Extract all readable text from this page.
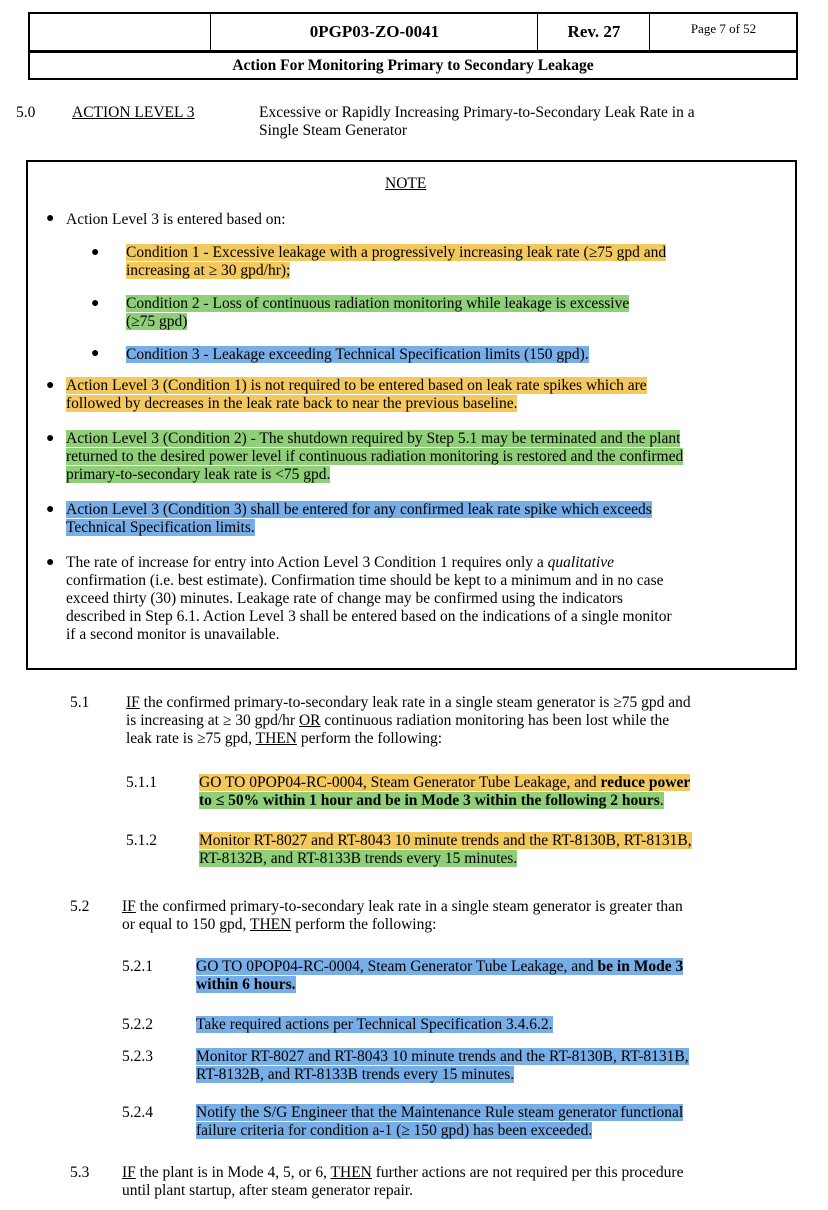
0PGP03-ZO-0041	Rev. 27	Page 7 of 52
Action For Monitoring Primary to Secondary Leakage
5.0 ACTION LEVEL 3	Excessive or Rapidly Increasing Primary-to-Secondary Leak Rate in a
Single Steam Generator
NOTE
● Action Level 3 is entered based on:
● Condition 1 - Excessive leakage with a progressively increasing leak rate (≥75 gpd and
increasing at ≥ 30 gpd/hr);
● Condition 2 - Loss of continuous radiation monitoring while leakage is excessive
(≥75 gpd)
● Condition 3 - Leakage exceeding Technical Specification limits (150 gpd).
● Action Level 3 (Condition 1) is not required to be entered based on leak rate spikes which are
followed by decreases in the leak rate back to near the previous baseline.
● Action Level 3 (Condition 2) - The shutdown required by Step 5.1 may be terminated and the plant
returned to the desired power level if continuous radiation monitoring is restored and the confirmed
primary-to-secondary leak rate is <75 gpd.
● Action Level 3 (Condition 3) shall be entered for any confirmed leak rate spike which exceeds
Technical Specification limits.
● The rate of increase for entry into Action Level 3 Condition 1 requires only a qualitative
confirmation (i.e. best estimate). Confirmation time should be kept to a minimum and in no case
exceed thirty (30) minutes. Leakage rate of change may be confirmed using the indicators
described in Step 6.1. Action Level 3 shall be entered based on the indications of a single monitor
if a second monitor is unavailable.
5.1 IF the confirmed primary-to-secondary leak rate in a single steam generator is ≥75 gpd and
is increasing at ≥ 30 gpd/hr OR continuous radiation monitoring has been lost while the
leak rate is ≥75 gpd, THEN perform the following:
5.1.1	GO TO 0POP04-RC-0004, Steam Generator Tube Leakage, and reduce power
to ≤ 50% within 1 hour and be in Mode 3 within the following 2 hours.
5.1.2	Monitor RT-8027 and RT-8043 10 minute trends and the RT-8130B, RT-8131B,
RT-8132B, and RT-8133B trends every 15 minutes.
5.2 IF the confirmed primary-to-secondary leak rate in a single steam generator is greater than
or equal to 150 gpd, THEN perform the following:
5.2.1	GO TO 0POP04-RC-0004, Steam Generator Tube Leakage, and be in Mode 3
within 6 hours.
5.2.2	Take required actions per Technical Specification 3.4.6.2.
5.2.3	Monitor RT-8027 and RT-8043 10 minute trends and the RT-8130B, RT-8131B,
RT-8132B, and RT-8133B trends every 15 minutes.
5.2.4	Notify the S/G Engineer that the Maintenance Rule steam generator functional
failure criteria for condition a-1 (≥ 150 gpd) has been exceeded.
5.3 IF the plant is in Mode 4, 5, or 6, THEN further actions are not required per this procedure
until plant startup, after steam generator repair.
